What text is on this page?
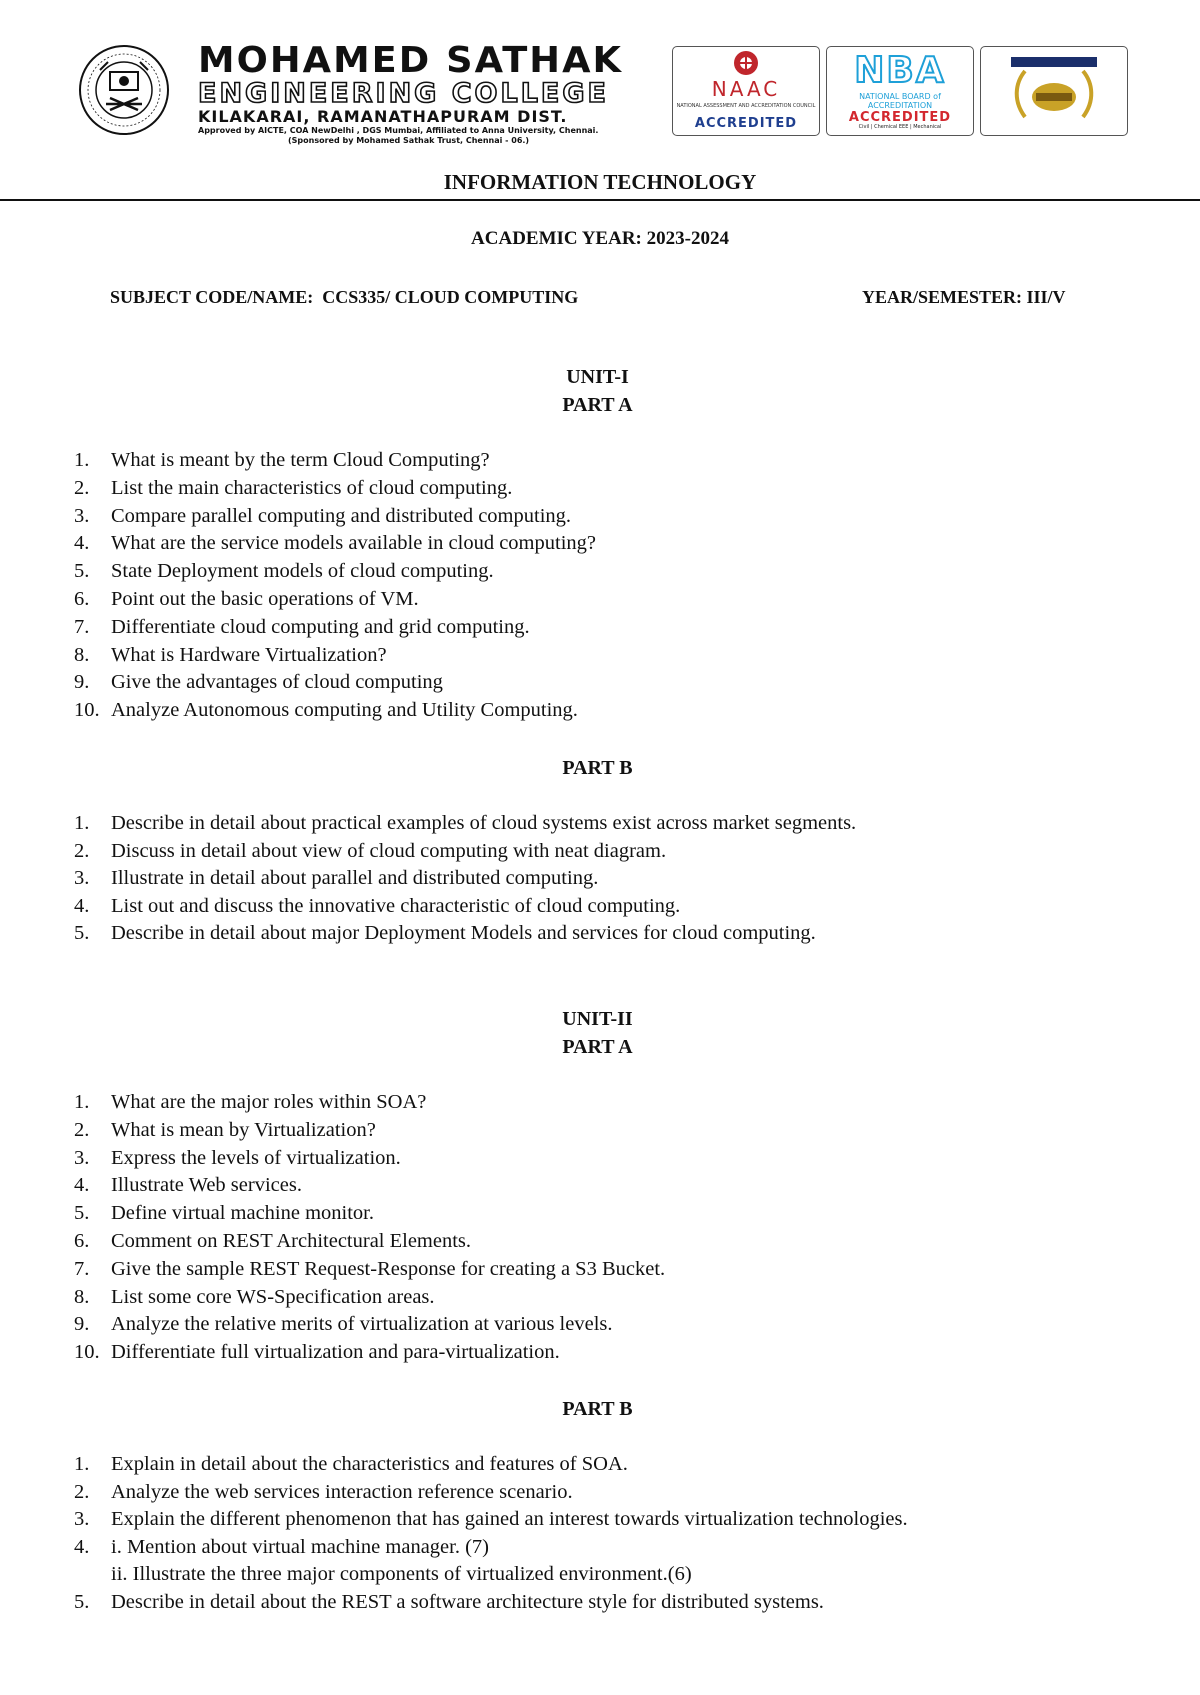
MOHAMED SATHAK
ENGINEERING COLLEGE
KILAKARAI, RAMANATHAPURAM DIST.
Approved by AICTE, COA NewDelhi , DGS Mumbai, Affiliated to Anna University, Chennai.
(Sponsored by Mohamed Sathak Trust, Chennai - 06.)
NAAC
NATIONAL ASSESSMENT AND ACCREDITATION COUNCIL
ACCREDITED
NBA
NATIONAL BOARD of ACCREDITATION
ACCREDITED
Civil | Chemical EEE | Mechanical
INFORMATION TECHNOLOGY
ACADEMIC YEAR: 2023-2024
SUBJECT CODE/NAME:  CCS335/ CLOUD COMPUTING	YEAR/SEMESTER: III/V
UNIT-I
PART A
1.	What is meant by the term Cloud Computing?
2.	List the main characteristics of cloud computing.
3.	Compare parallel computing and distributed computing.
4.	What are the service models available in cloud computing?
5.	State Deployment models of cloud computing.
6.	Point out the basic operations of VM.
7.	Differentiate cloud computing and grid computing.
8.	What is Hardware Virtualization?
9.	Give the advantages of cloud computing
10. Analyze Autonomous computing and Utility Computing.
PART B
1.	Describe in detail about practical examples of cloud systems exist across market segments.
2.	Discuss in detail about view of cloud computing with neat diagram.
3.	Illustrate in detail about parallel and distributed computing.
4.	List out and discuss the innovative characteristic of cloud computing.
5.	Describe in detail about major Deployment Models and services for cloud computing.
UNIT-II
PART A
1.	What are the major roles within SOA?
2.	What is mean by Virtualization?
3.	Express the levels of virtualization.
4.	Illustrate Web services.
5.	Define virtual machine monitor.
6.	Comment on REST Architectural Elements.
7.	Give the sample REST Request-Response for creating a S3 Bucket.
8.	List some core WS-Specification areas.
9.	Analyze the relative merits of virtualization at various levels.
10. Differentiate full virtualization and para-virtualization.
PART B
1.	Explain in detail about the characteristics and features of SOA.
2.	Analyze the web services interaction reference scenario.
3.	Explain the different phenomenon that has gained an interest towards virtualization technologies.
4.	i. Mention about virtual machine manager. (7)
ii. Illustrate the three major components of virtualized environment.(6)
5.	Describe in detail about the REST a software architecture style for distributed systems.
